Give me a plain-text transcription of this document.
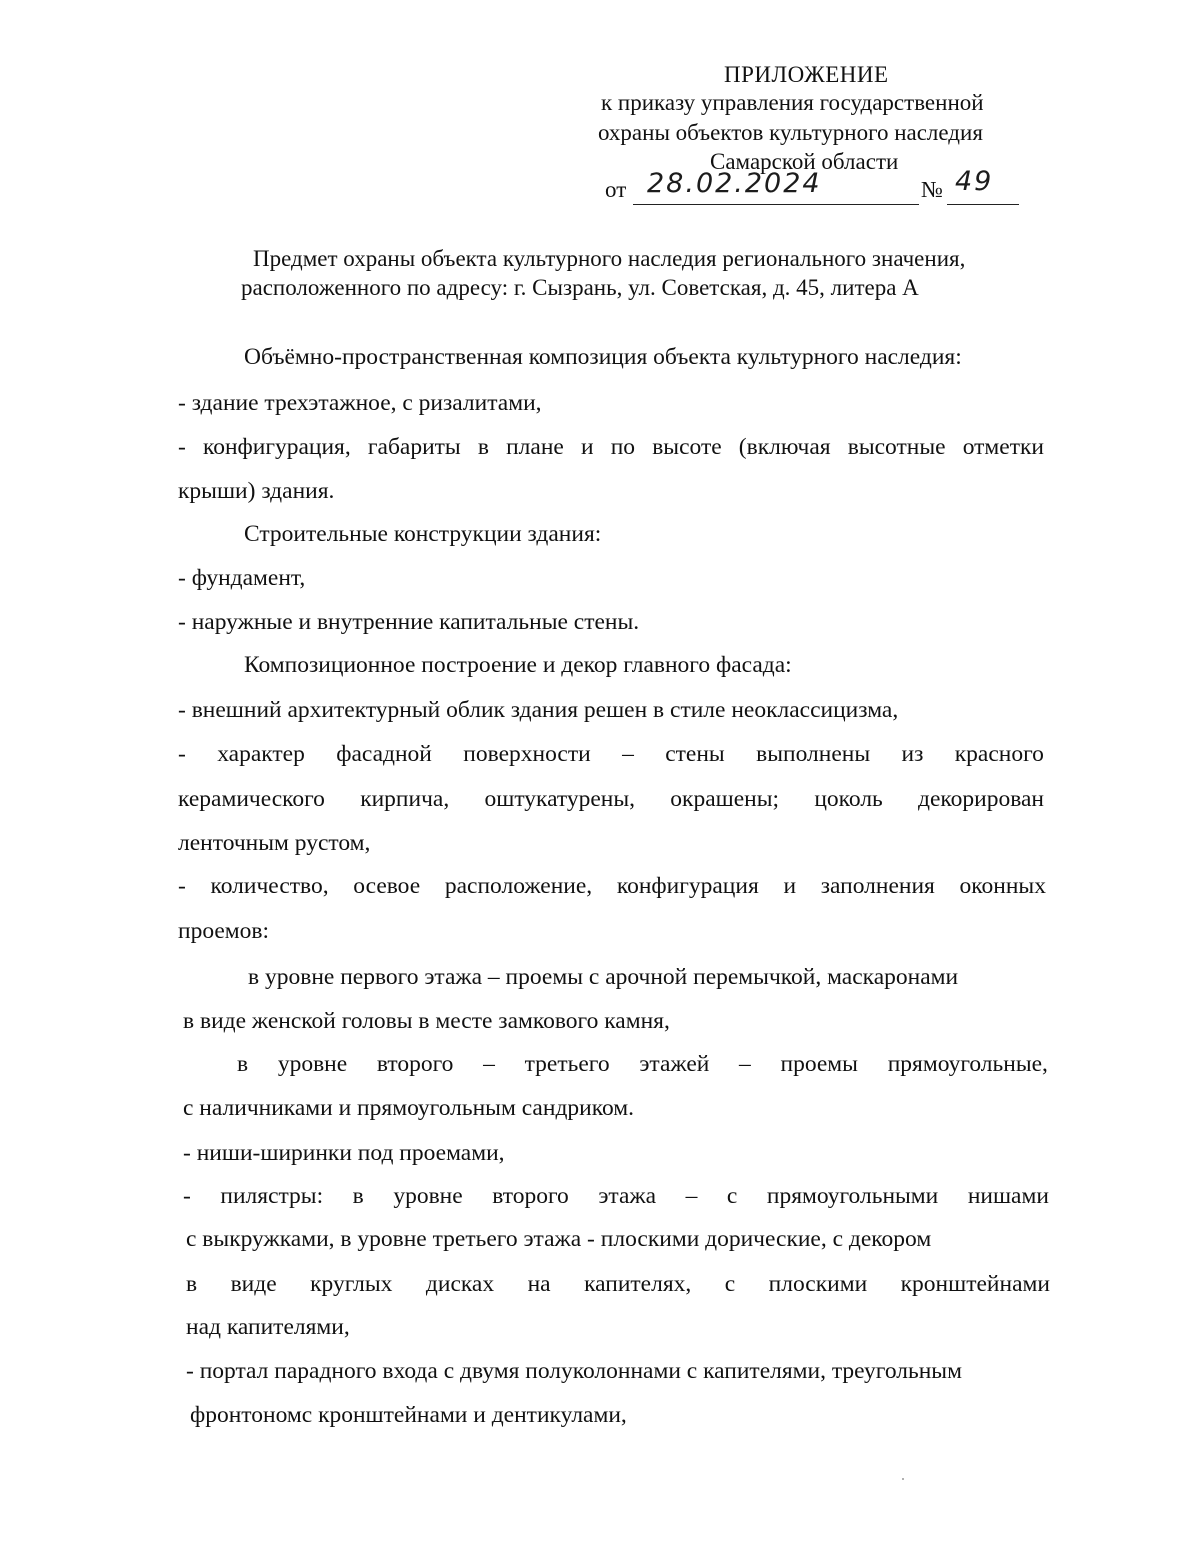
ПРИЛОЖЕНИЕ
к приказу управления государственной
охраны объектов культурного наследия
Самарской области
от 28.02.2024	№ 49
Предмет охраны объекта культурного наследия регионального значения,
расположенного по адресу: г. Сызрань, ул. Советская, д. 45, литера А
Объёмно-пространственная композиция объекта культурного наследия:
- здание трехэтажное, с ризалитами,
- конфигурация, габариты в плане и по высоте (включая высотные отметки
крыши) здания.
Строительные конструкции здания:
- фундамент,
- наружные и внутренние капитальные стены.
Композиционное построение и декор главного фасада:
- внешний архитектурный облик здания решен в стиле неоклассицизма,
- характер фасадной поверхности – стены выполнены из красного
керамического кирпича, оштукатурены, окрашены; цоколь декорирован
ленточным рустом,
- количество, осевое расположение, конфигурация и заполнения оконных
проемов:
в уровне первого этажа – проемы с арочной перемычкой, маскаронами
в виде женской головы в месте замкового камня,
в уровне второго – третьего этажей – проемы прямоугольные,
с наличниками и прямоугольным сандриком.
- ниши-ширинки под проемами,
- пилястры: в уровне второго этажа – с прямоугольными нишами
с выкружками, в уровне третьего этажа - плоскими дорические, с декором
в виде круглых дисках на капителях, с плоскими кронштейнами
над капителями,
- портал парадного входа с двумя полуколоннами с капителями, треугольным
фронтономс кронштейнами и дентикулами,
